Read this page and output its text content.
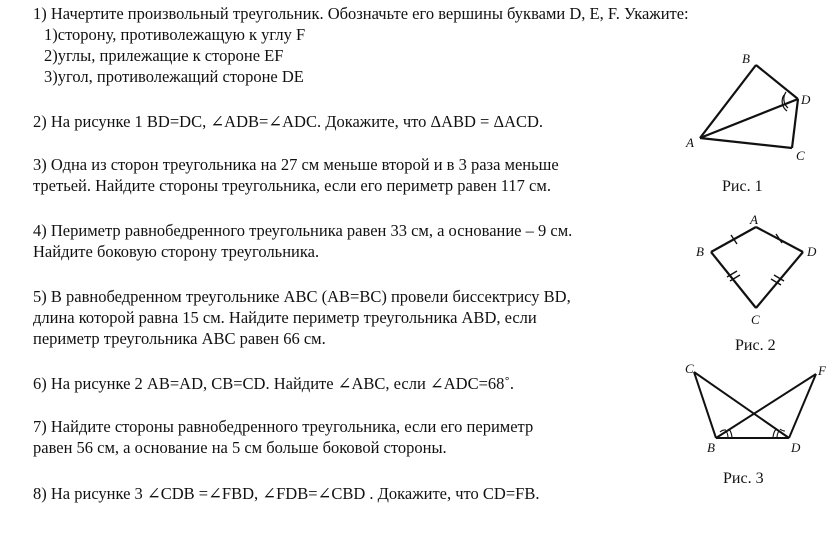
1) Начертите произвольный треугольник. Обозначьте его вершины буквами D, E, F. Укажите:
1)сторону, противолежащую к углу F
2)углы, прилежащие к стороне EF
3)угол, противолежащий стороне DE
2) На рисунке 1 BD=DC, ∠ADB=∠ADC. Докажите, что ΔABD = ΔACD.
3) Одна из сторон треугольника на 27 см меньше второй и в 3 раза меньше
третьей. Найдите стороны треугольника, если его периметр равен 117 см.
4) Периметр равнобедренного треугольника равен 33 см, а основание – 9 см.
Найдите боковую сторону треугольника.
5) В равнобедренном треугольнике ABC (AB=BC) провели биссектрису BD,
длина которой равна 15 см. Найдите периметр треугольника ABD, если
периметр треугольника ABC равен 66 см.
6) На рисунке 2 AB=AD, CB=CD. Найдите ∠ABC, если ∠ADC=68˚.
7) Найдите стороны равнобедренного треугольника, если его периметр
равен 56 см, а основание на 5 см больше боковой стороны.
8) На рисунке 3 ∠CDB =∠FBD, ∠FDB=∠CBD . Докажите, что CD=FB.
B
D
A
C
Рис. 1
A
B	D
C
Рис. 2
C	F
B	D
Рис. 3
